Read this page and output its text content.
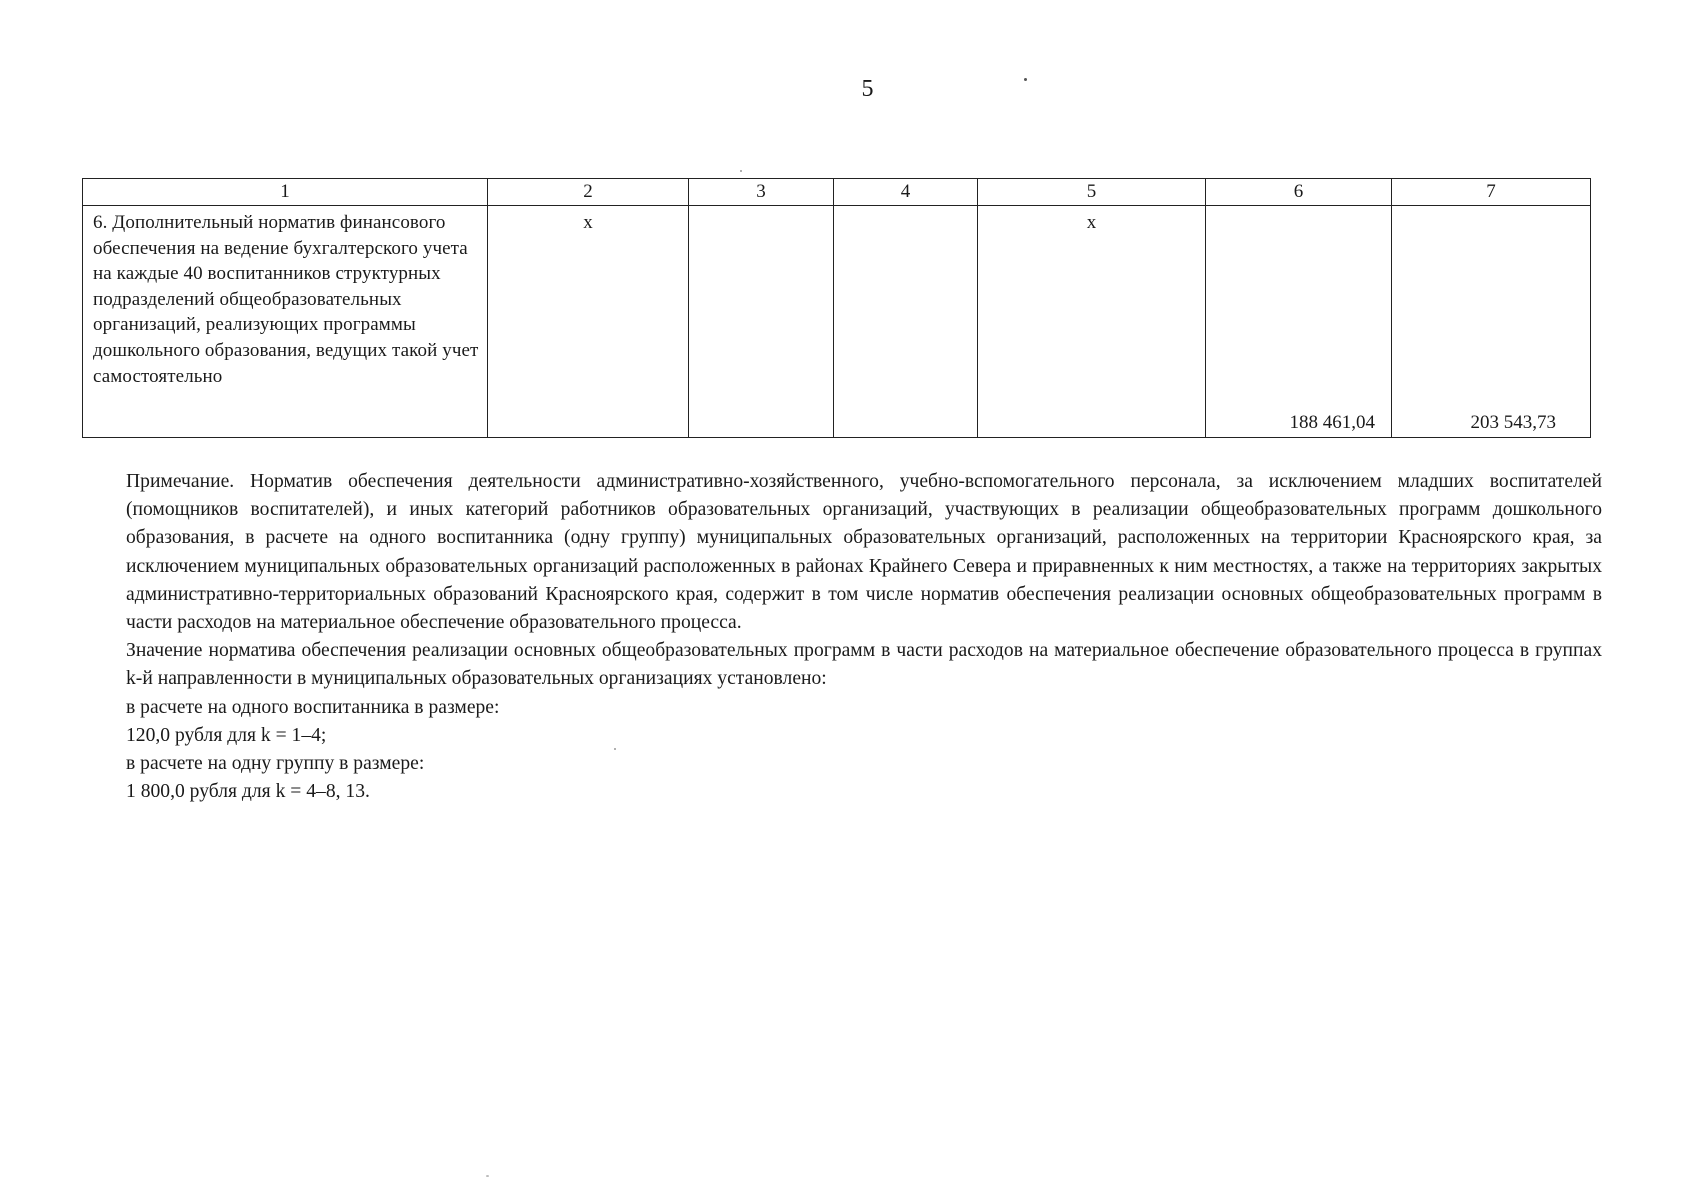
5
1	2	3	4	5	6	7
6. Дополнительный норматив финансового обеспечения на ведение бухгалтерского учета на каждые 40 воспитанников структурных подразделений общеобразовательных организаций, реализующих программы дошкольного образования, ведущих такой учет самостоятельно	x			x	188 461,04	203 543,73

Примечание. Норматив обеспечения деятельности административно-хозяйственного, учебно-вспомогательного персонала, за исключением младших воспитателей (помощников воспитателей), и иных категорий работников образовательных организаций, участвующих в реализации общеобразовательных программ дошкольного образования, в расчете на одного воспитанника (одну группу) муниципальных образовательных организаций, расположенных на территории Красноярского края, за исключением муниципальных образовательных организаций расположенных в районах Крайнего Севера и приравненных к ним местностях, а также на территориях закрытых административно-территориальных образований Красноярского края, содержит в том числе норматив обеспечения реализации основных общеобразовательных программ в части расходов на материальное обеспечение образовательного процесса.

Значение норматива обеспечения реализации основных общеобразовательных программ в части расходов на материальное обеспечение образовательного процесса в группах k-й направленности в муниципальных образовательных организациях установлено:

в расчете на одного воспитанника в размере:

120,0 рубля для k = 1–4;

в расчете на одну группу в размере:

1 800,0 рубля для k = 4–8, 13.
